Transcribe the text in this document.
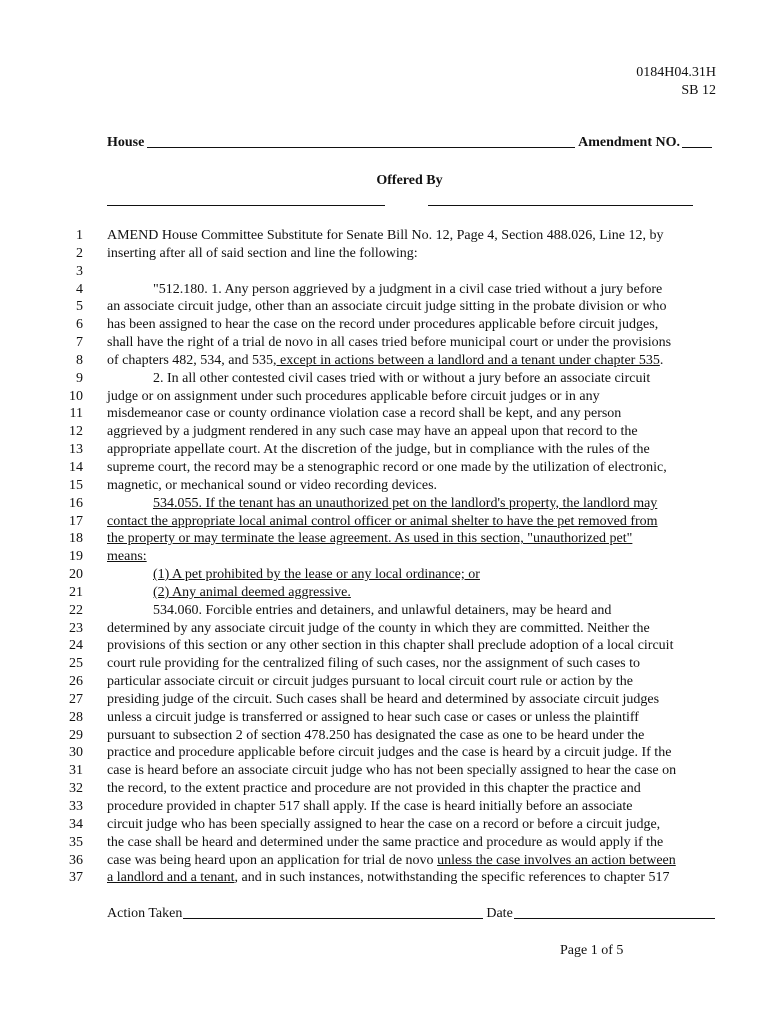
0184H04.31H
SB 12
House	Amendment NO.
Offered By
1 AMEND House Committee Substitute for Senate Bill No. 12, Page 4, Section 488.026, Line 12, by
2 inserting after all of said section and line the following:
3
4	"512.180. 1. Any person aggrieved by a judgment in a civil case tried without a jury before
5 an associate circuit judge, other than an associate circuit judge sitting in the probate division or who
6 has been assigned to hear the case on the record under procedures applicable before circuit judges,
7 shall have the right of a trial de novo in all cases tried before municipal court or under the provisions
8 of chapters 482, 534, and 535, except in actions between a landlord and a tenant under chapter 535.
9	2. In all other contested civil cases tried with or without a jury before an associate circuit
10 judge or on assignment under such procedures applicable before circuit judges or in any
11 misdemeanor case or county ordinance violation case a record shall be kept, and any person
12 aggrieved by a judgment rendered in any such case may have an appeal upon that record to the
13 appropriate appellate court. At the discretion of the judge, but in compliance with the rules of the
14 supreme court, the record may be a stenographic record or one made by the utilization of electronic,
15 magnetic, or mechanical sound or video recording devices.
16	534.055. If the tenant has an unauthorized pet on the landlord's property, the landlord may
17 contact the appropriate local animal control officer or animal shelter to have the pet removed from
18 the property or may terminate the lease agreement. As used in this section, "unauthorized pet"
19 means:
20	(1) A pet prohibited by the lease or any local ordinance; or
21	(2) Any animal deemed aggressive.
22	534.060. Forcible entries and detainers, and unlawful detainers, may be heard and
23 determined by any associate circuit judge of the county in which they are committed. Neither the
24 provisions of this section or any other section in this chapter shall preclude adoption of a local circuit
25 court rule providing for the centralized filing of such cases, nor the assignment of such cases to
26 particular associate circuit or circuit judges pursuant to local circuit court rule or action by the
27 presiding judge of the circuit. Such cases shall be heard and determined by associate circuit judges
28 unless a circuit judge is transferred or assigned to hear such case or cases or unless the plaintiff
29 pursuant to subsection 2 of section 478.250 has designated the case as one to be heard under the
30 practice and procedure applicable before circuit judges and the case is heard by a circuit judge. If the
31 case is heard before an associate circuit judge who has not been specially assigned to hear the case on
32 the record, to the extent practice and procedure are not provided in this chapter the practice and
33 procedure provided in chapter 517 shall apply. If the case is heard initially before an associate
34 circuit judge who has been specially assigned to hear the case on a record or before a circuit judge,
35 the case shall be heard and determined under the same practice and procedure as would apply if the
36 case was being heard upon an application for trial de novo unless the case involves an action between
37 a landlord and a tenant, and in such instances, notwithstanding the specific references to chapter 517
Action Taken	Date
Page 1 of 5
